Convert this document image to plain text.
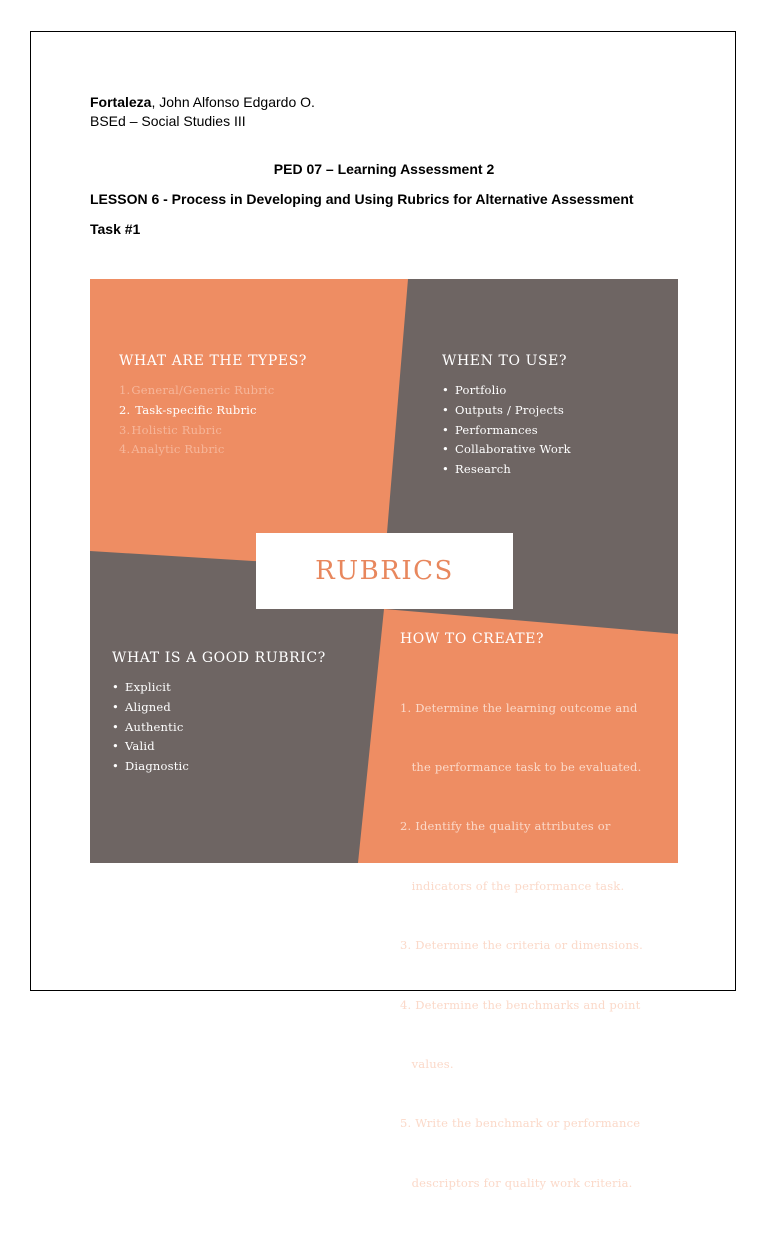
Fortaleza, John Alfonso Edgardo O.
BSEd – Social Studies III
PED 07 – Learning Assessment 2
LESSON 6 - Process in Developing and Using Rubrics for Alternative Assessment
Task #1
WHAT ARE THE TYPES?
1.General/Generic Rubric
2. Task-specific Rubric
3.Holistic Rubric
4.Analytic Rubric
WHEN TO USE?
• Portfolio
• Outputs / Projects
• Performances
• Collaborative Work
• Research
RUBRICS
WHAT IS A GOOD RUBRIC?
• Explicit
• Aligned
• Authentic
• Valid
• Diagnostic
HOW TO CREATE?

1. Determine the learning outcome and

the performance task to be evaluated.

2. Identify the quality attributes or

indicators of the performance task.

3. Determine the criteria or dimensions.

4. Determine the benchmarks and point

values.

5. Write the benchmark or performance

descriptors for quality work criteria.
